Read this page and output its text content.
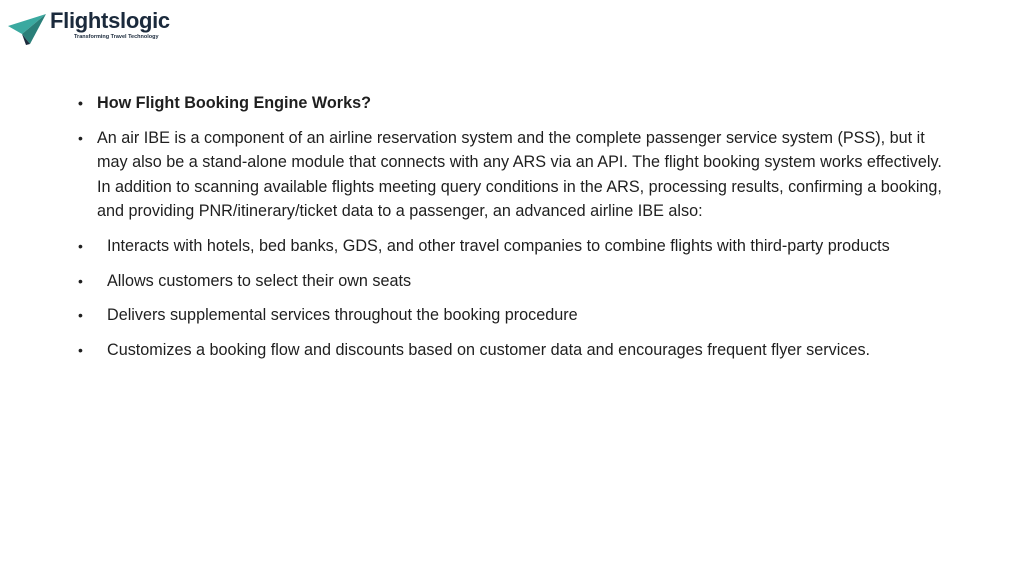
Flightslogic
Transforming Travel Technology
• How Flight Booking Engine Works?
• An air IBE is a component of an airline reservation system and the complete passenger service system (PSS), but it may also be a stand-alone module that connects with any ARS via an API. The flight booking system works effectively. In addition to scanning available flights meeting query conditions in the ARS, processing results, confirming a booking, and providing PNR/itinerary/ticket data to a passenger, an advanced airline IBE also:
•	Interacts with hotels, bed banks, GDS, and other travel companies to combine flights with third-party products
•	Allows customers to select their own seats
•	Delivers supplemental services throughout the booking procedure
•	Customizes a booking flow and discounts based on customer data and encourages frequent flyer services.
